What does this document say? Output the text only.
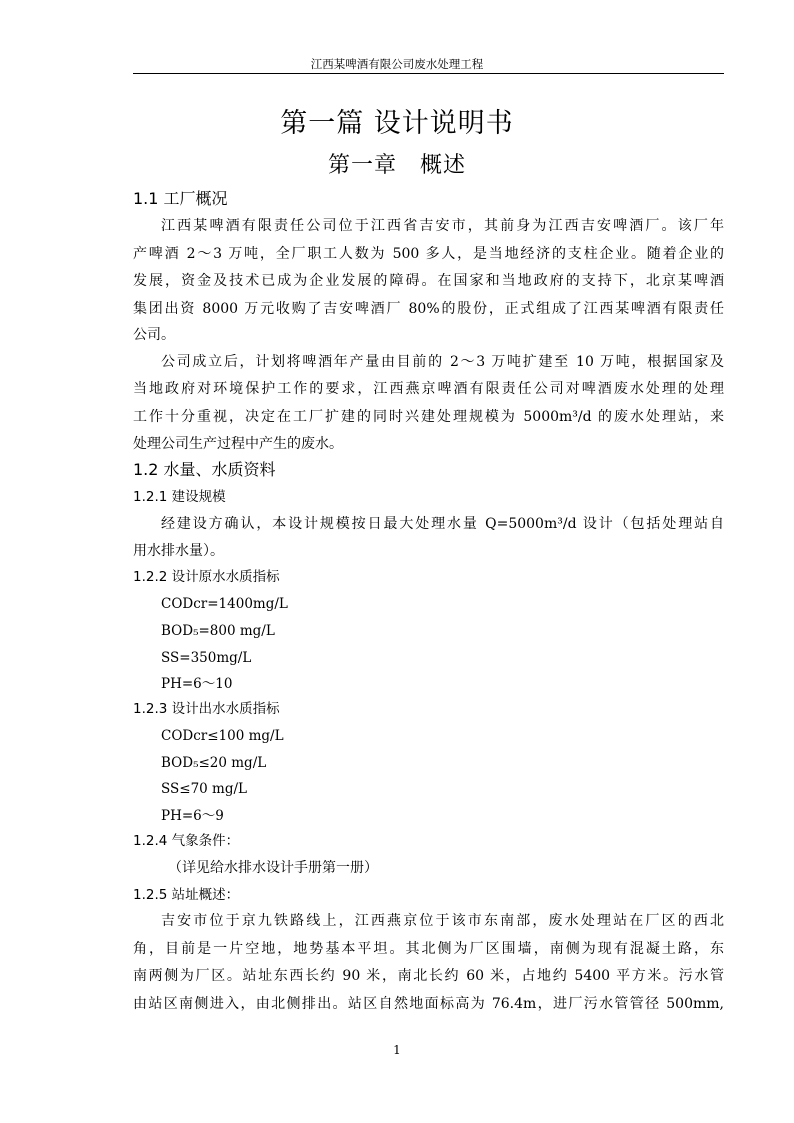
江西某啤酒有限公司废水处理工程
第一篇 设计说明书
第一章　概述
1.1 工厂概况
江西某啤酒有限责任公司位于江西省吉安市，其前身为江西吉安啤酒厂。该厂年
产啤酒 2～3 万吨，全厂职工人数为 500 多人，是当地经济的支柱企业。随着企业的
发展，资金及技术已成为企业发展的障碍。在国家和当地政府的支持下，北京某啤酒
集团出资 8000 万元收购了吉安啤酒厂 80%的股份，正式组成了江西某啤酒有限责任
公司。
公司成立后，计划将啤酒年产量由目前的 2～3 万吨扩建至 10 万吨，根据国家及
当地政府对环境保护工作的要求，江西燕京啤酒有限责任公司对啤酒废水处理的处理
工作十分重视，决定在工厂扩建的同时兴建处理规模为 5000m³/d 的废水处理站，来
处理公司生产过程中产生的废水。
1.2 水量、水质资料
1.2.1 建设规模
经建设方确认，本设计规模按日最大处理水量 Q=5000m³/d 设计（包括处理站自
用水排水量）。
1.2.2 设计原水水质指标
CODcr=1400mg/L
BOD₅=800 mg/L
SS=350mg/L
PH=6～10
1.2.3 设计出水水质指标
CODcr≤100 mg/L
BOD₅≤20 mg/L
SS≤70 mg/L
PH=6～9
1.2.4 气象条件：
（详见给水排水设计手册第一册）
1.2.5 站址概述：
吉安市位于京九铁路线上，江西燕京位于该市东南部，废水处理站在厂区的西北
角，目前是一片空地，地势基本平坦。其北侧为厂区围墙，南侧为现有混凝土路，东
南两侧为厂区。站址东西长约 90 米，南北长约 60 米，占地约 5400 平方米。污水管
由站区南侧进入，由北侧排出。站区自然地面标高为 76.4m，进厂污水管管径 500mm,
1
